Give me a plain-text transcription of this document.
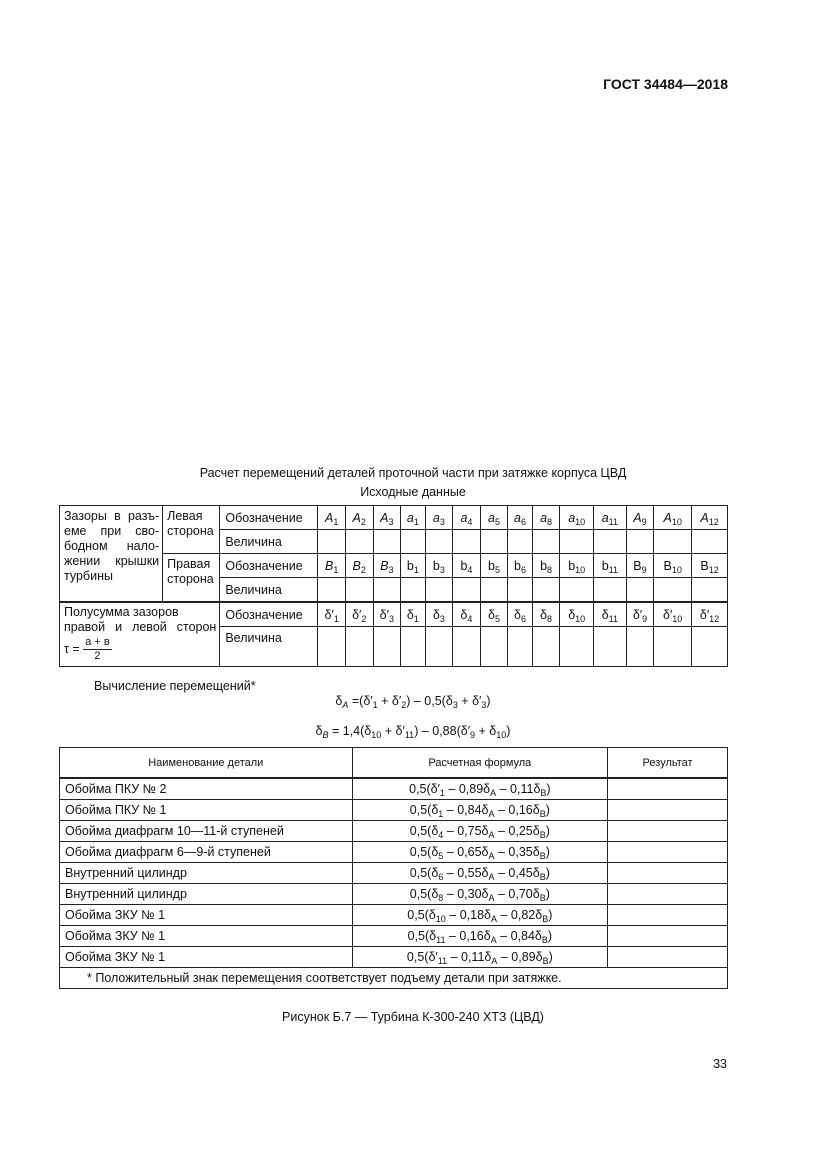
ГОСТ 34484—2018
Расчет перемещений деталей проточной части при затяжке корпуса ЦВД
Исходные данные
Зазоры в разъ-
еме при сво-
бодном нало-
жении крышки
турбины	Левая сторона	Обозначение	$A_1$	$A_2$	$A_3$	$a_1$	$a_3$	$a_4$	$a_5$	$a_6$	$a_8$	$a_{10}$	$a_{11}$	$A_9$	$A_{10}$	$A_{12}$
		Величина														
	Правая сторона	Обозначение	$B_1$	$B_2$	$B_3$	$b_1$	$b_3$	$b_4$	$b_5$	$b_6$	$b_8$	$b_{10}$	$b_{11}$	$B_9$	$B_{10}$	$B_{12}$
		Величина														

Полусумма зазоров
правой и левой сторон
$\tau = \frac{a + в}{2}$		Обозначение	$\delta'_1$	$\delta'_2$	$\delta'_3$	$\delta_1$	$\delta_3$	$\delta_4$	$\delta_5$	$\delta_6$	$\delta_8$	$\delta_{10}$	$\delta_{11}$	$\delta'_9$	$\delta'_{10}$	$\delta'_{12}$
		Величина														
Вычисление перемещений*
$\delta_A =(\delta'_1 + \delta'_2) - 0,5(\delta_3 + \delta'_3)$
$\delta_B = 1,4(\delta_{10} + \delta'_{11}) - 0,88(\delta'_9 + \delta_{10})$
Наименование детали	Расчетная формула	Результат
Обойма ПКУ № 2	$0,5(\delta'_1 - 0,89\delta_A - 0,11\delta_B)$	
Обойма ПКУ № 1	$0,5(\delta_1 - 0,84\delta_A - 0,16\delta_B)$	
Обойма диафрагм 10—11-й ступеней	$0,5(\delta_4 - 0,75\delta_A - 0,25\delta_B)$	
Обойма диафрагм 6—9-й ступеней	$0,5(\delta_5 - 0,65\delta_A - 0,35\delta_B)$	
Внутренний цилиндр	$0,5(\delta_6 - 0,55\delta_A - 0,45\delta_B)$	
Внутренний цилиндр	$0,5(\delta_8 - 0,30\delta_A - 0,70\delta_B)$	
Обойма ЗКУ № 1	$0,5(\delta_{10} - 0,18\delta_A - 0,82\delta_B)$	
Обойма ЗКУ № 1	$0,5(\delta_{11} - 0,16\delta_A - 0,84\delta_B)$	
Обойма ЗКУ № 1	$0,5(\delta'_{11} - 0,11\delta_A - 0,89\delta_B)$	
* Положительный знак перемещения соответствует подъему детали при затяжке.		
Рисунок Б.7 — Турбина К-300-240 ХТЗ (ЦВД)
33
